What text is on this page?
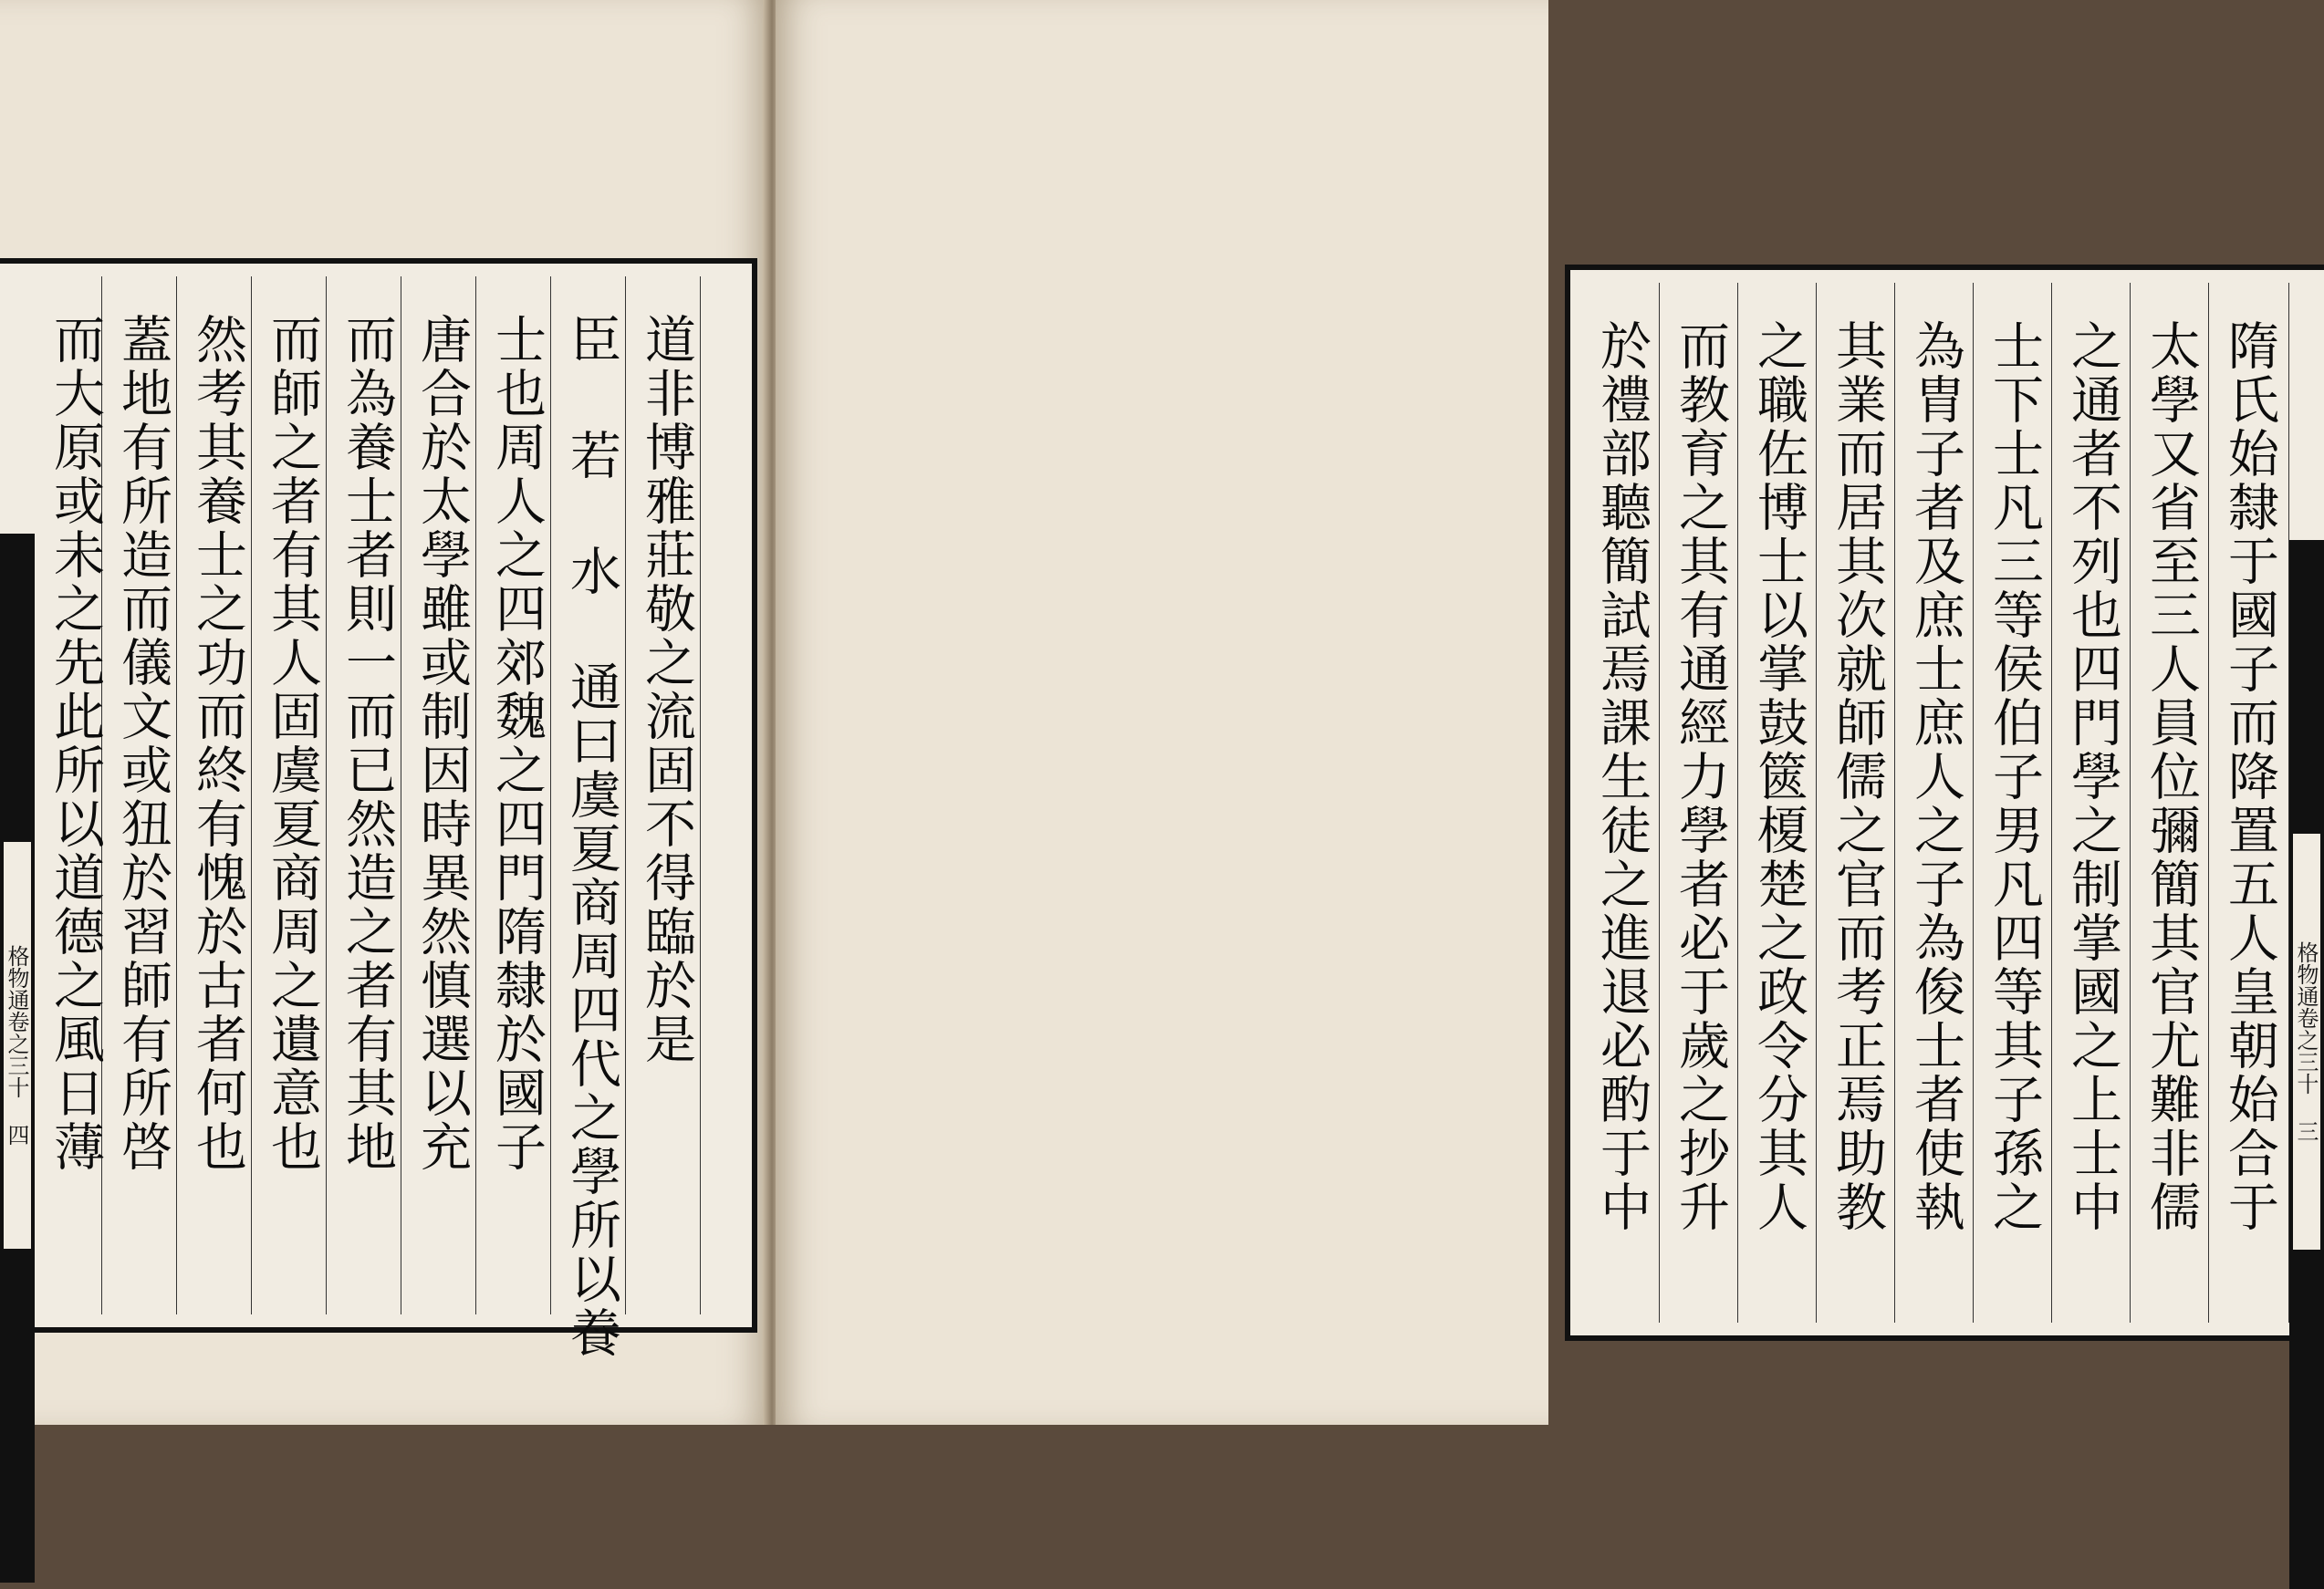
格物通卷之三十 四	道非博雅莊敬之流固不得臨於是
臣 若 水 通曰虞夏商周四代之學所以養
士也周人之四郊魏之四門隋隸於國子
唐合於太學雖或制因時異然慎選以充
而為養士者則一而已然造之者有其地
而師之者有其人固虞夏商周之遺意也
然考其養士之功而終有愧於古者何也
蓋地有所造而儀文或狃於習師有所啓
而大原或未之先此所以道德之風日薄	格物通卷之三十 三
隋氏始隸于國子而降置五人皇朝始合于
太學又省至三人員位彌簡其官尤難非儒
之通者不列也四門學之制掌國之上士中
士下士凡三等侯伯子男凡四等其子孫之
為胄子者及庶士庶人之子為俊士者使執
其業而居其次就師儒之官而考正焉助教
之職佐博士以掌鼓篋榎楚之政令分其人
而教育之其有通經力學者必于歲之抄升
於禮部聽簡試焉課生徒之進退必酌于中
